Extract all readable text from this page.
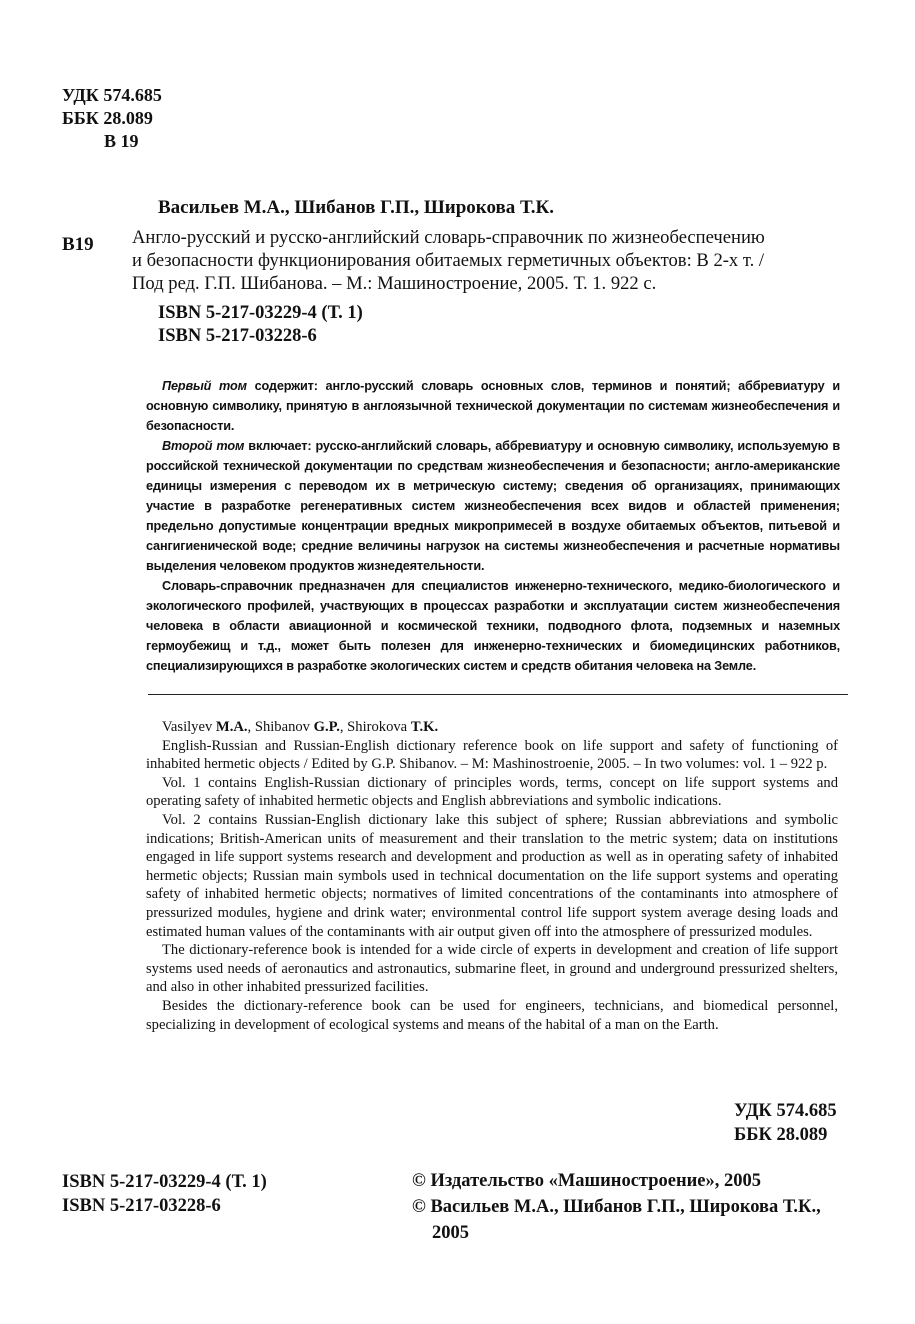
УДК 574.685
ББК 28.089
В 19
Васильев М.А., Шибанов Г.П., Широкова Т.К.
В19 Англо-русский и русско-английский словарь-справочник по жизнеобеспечению
и безопасности функционирования обитаемых герметичных объектов: В 2-х т. /
Под ред. Г.П. Шибанова. – М.: Машиностроение, 2005. Т. 1. 922 с.
ISBN 5-217-03229-4 (Т. 1)
ISBN 5-217-03228-6

Первый том содержит: англо-русский словарь основных слов, терминов и понятий; аббревиатуру и основную символику, принятую в англоязычной технической документации по системам жизнеобеспечения и безопасности.

Второй том включает: русско-английский словарь, аббревиатуру и основную символику, используемую в российской технической документации по средствам жизнеобеспечения и безопасности; англо-американские единицы измерения с переводом их в метрическую систему; сведения об организациях, принимающих участие в разработке регенеративных систем жизнеобеспечения всех видов и областей применения; предельно допустимые концентрации вредных микропримесей в воздухе обитаемых объектов, питьевой и сангигиенической воде; средние величины нагрузок на системы жизнеобеспечения и расчетные нормативы выделения человеком продуктов жизнедеятельности.

Словарь-справочник предназначен для специалистов инженерно-технического, медико-биологического и экологического профилей, участвующих в процессах разработки и эксплуатации систем жизнеобеспечения человека в области авиационной и космической техники, подводного флота, подземных и наземных гермоубежищ и т.д., может быть полезен для инженерно-технических и биомедицинских работников, специализирующихся в разработке экологических систем и средств обитания человека на Земле.

Vasilyev M.A., Shibanov G.P., Shirokova T.K.

English-Russian and Russian-English dictionary reference book on life support and safety of functioning of inhabited hermetic objects / Edited by G.P. Shibanov. – M: Mashinostroenie, 2005. – In two volumes: vol. 1 – 922 p.

Vol. 1 contains English-Russian dictionary of principles words, terms, concept on life support systems and operating safety of inhabited hermetic objects and English abbreviations and symbolic indications.

Vol. 2 contains Russian-English dictionary lake this subject of sphere; Russian abbreviations and symbolic indications; British-American units of measurement and their translation to the metric system; data on institutions engaged in life support systems research and development and production as well as in operating safety of inhabited hermetic objects; Russian main symbols used in technical documentation on the life support systems and operating safety of inhabited hermetic objects; normatives of limited concentrations of the contaminants into atmosphere of pressurized modules, hygiene and drink water; environmental control life support system average desing loads and estimated human values of the contaminants with air output given off into the atmosphere of pressurized modules.

The dictionary-reference book is intended for a wide circle of experts in development and creation of life support systems used needs of aeronautics and astronautics, submarine fleet, in ground and underground pressurized shelters, and also in other inhabited pressurized facilities.

Besides the dictionary-reference book can be used for engineers, technicians, and biomedical personnel, specializing in development of ecological systems and means of the habital of a man on the Earth.

УДК 574.685
ББК 28.089
ISBN 5-217-03229-4 (Т. 1)
ISBN 5-217-03228-6
© Издательство «Машиностроение», 2005
© Васильев М.А., Шибанов Г.П., Широкова Т.К.,
2005
